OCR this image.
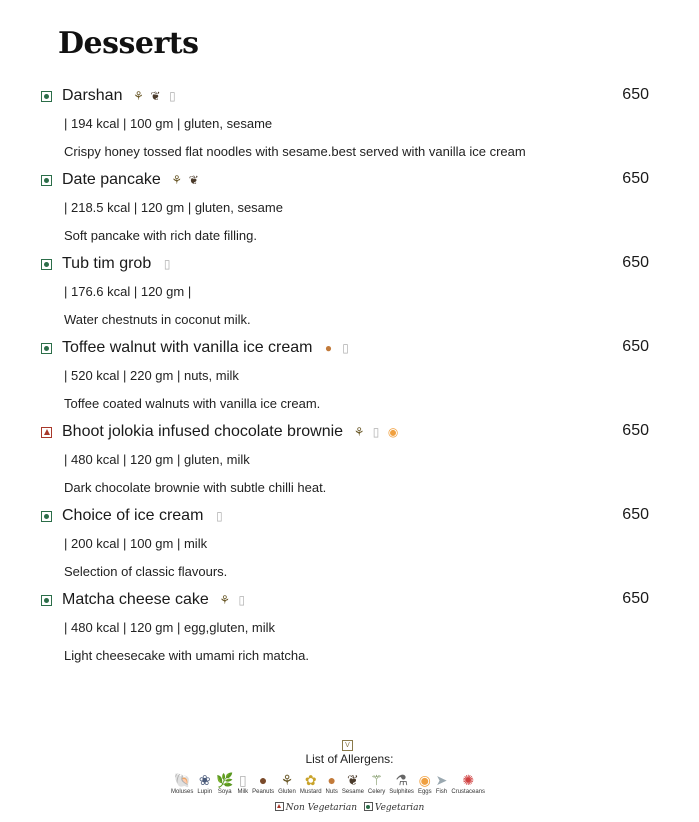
Desserts
Darshan ⚘ ❦ ▯	650
| 194 kcal | 100 gm | gluten, sesame
Crispy honey tossed flat noodles with sesame.best served with vanilla ice cream
Date pancake ⚘ ❦	650
| 218.5 kcal | 120 gm | gluten, sesame
Soft pancake with rich date filling.
Tub tim grob	▯	650
| 176.6 kcal | 120 gm |
Water chestnuts in coconut milk.
Toffee walnut with vanilla ice cream ● ▯	650
| 520 kcal | 220 gm | nuts, milk
Toffee coated walnuts with vanilla ice cream.
Bhoot jolokia infused chocolate brownie ⚘ ▯ ◉	650
| 480 kcal | 120 gm | gluten, milk
Dark chocolate brownie with subtle chilli heat.
Choice of ice cream	▯	650
| 200 kcal | 100 gm | milk
Selection of classic flavours.
Matcha cheese cake ⚘ ▯	650
| 480 kcal | 120 gm | egg,gluten, milk
Light cheesecake with umami rich matcha.
V
List of Allergens:
🐚
Moluses
❀
Lupin
🌿
Soya
▯
Milk
●
Peanuts
⚘
Gluten
✿
Mustard
●
Nuts
❦
Sesame
⚚
Celery
⚗
Sulphites
◉
Eggs
➤
Fish
✺
Crustaceans
Non Vegetarian Vegetarian
